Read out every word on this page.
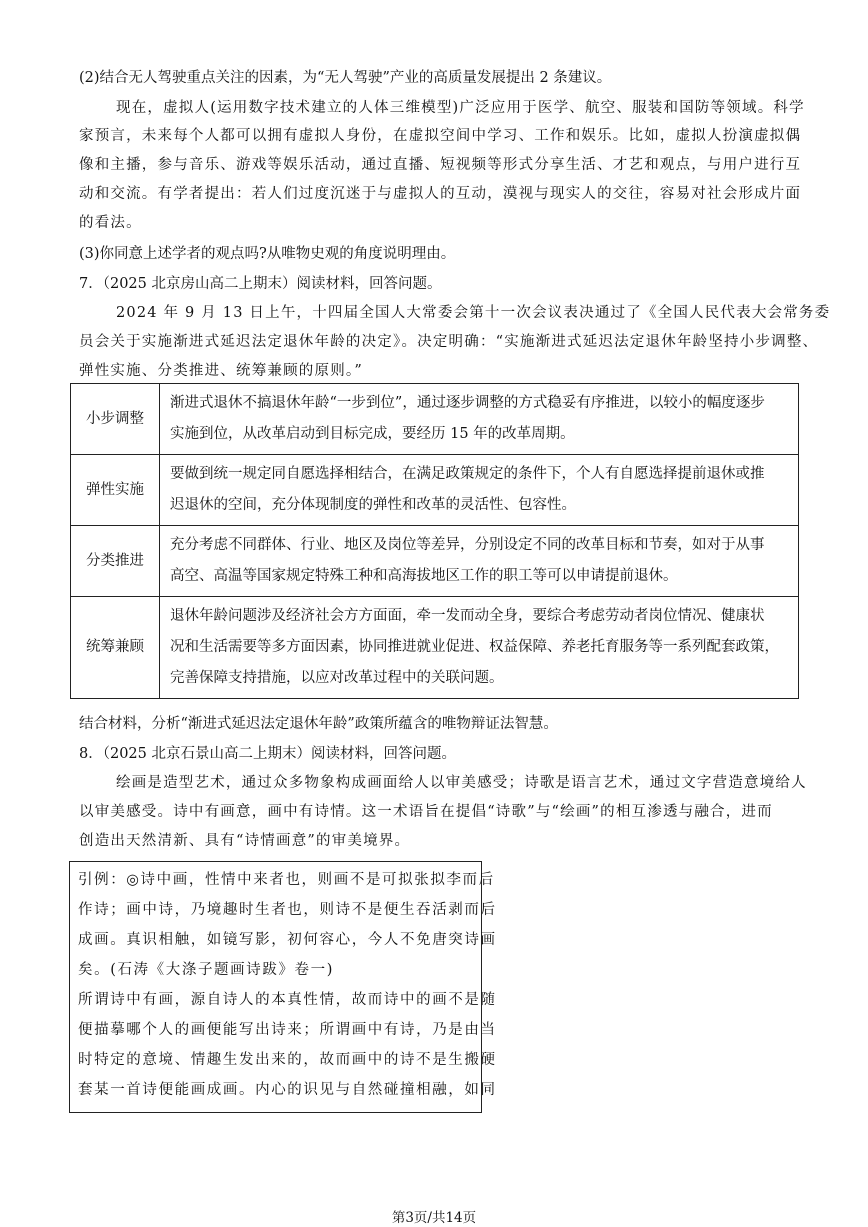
(2)结合无人驾驶重点关注的因素，为“无人驾驶”产业的高质量发展提出 2 条建议。
现在，虚拟人(运用数字技术建立的人体三维模型)广泛应用于医学、航空、服装和国防等领域。科学
家预言，未来每个人都可以拥有虚拟人身份，在虚拟空间中学习、工作和娱乐。比如，虚拟人扮演虚拟偶
像和主播，参与音乐、游戏等娱乐活动，通过直播、短视频等形式分享生活、才艺和观点，与用户进行互
动和交流。有学者提出：若人们过度沉迷于与虚拟人的互动，漠视与现实人的交往，容易对社会形成片面
的看法。
(3)你同意上述学者的观点吗?从唯物史观的角度说明理由。
7．（2025 北京房山高二上期末）阅读材料，回答问题。
2024 年 9 月 13 日上午，十四届全国人大常委会第十一次会议表决通过了《全国人民代表大会常务委
员会关于实施渐进式延迟法定退休年龄的决定》。决定明确：“实施渐进式延迟法定退休年龄坚持小步调整、
弹性实施、分类推进、统筹兼顾的原则。”
小步调整	渐进式退休不搞退休年龄“一步到位”，通过逐步调整的方式稳妥有序推进，以较小的幅度逐步
实施到位，从改革启动到目标完成，要经历 15 年的改革周期。

弹性实施	要做到统一规定同自愿选择相结合，在满足政策规定的条件下，个人有自愿选择提前退休或推
迟退休的空间，充分体现制度的弹性和改革的灵活性、包容性。

分类推进	充分考虑不同群体、行业、地区及岗位等差异，分别设定不同的改革目标和节奏，如对于从事
高空、高温等国家规定特殊工种和高海拔地区工作的职工等可以申请提前退休。

统筹兼顾	退休年龄问题涉及经济社会方方面面，牵一发而动全身，要综合考虑劳动者岗位情况、健康状
况和生活需要等多方面因素，协同推进就业促进、权益保障、养老托育服务等一系列配套政策，
完善保障支持措施，以应对改革过程中的关联问题。
结合材料，分析“渐进式延迟法定退休年龄”政策所蕴含的唯物辩证法智慧。
8．（2025 北京石景山高二上期末）阅读材料，回答问题。
绘画是造型艺术，通过众多物象构成画面给人以审美感受；诗歌是语言艺术，通过文字营造意境给人
以审美感受。诗中有画意，画中有诗情。这一术语旨在提倡“诗歌”与“绘画”的相互渗透与融合，进而
创造出天然清新、具有“诗情画意”的审美境界。
引例：◎诗中画，性情中来者也，则画不是可拟张拟李而后
作诗；画中诗，乃境趣时生者也，则诗不是便生吞活剥而后
成画。真识相触，如镜写影，初何容心，今人不免唐突诗画
矣。(石涛《大涤子题画诗跋》卷一)
所谓诗中有画，源自诗人的本真性情，故而诗中的画不是随
便描摹哪个人的画便能写出诗来；所谓画中有诗，乃是由当
时特定的意境、情趣生发出来的，故而画中的诗不是生搬硬
套某一首诗便能画成画。内心的识见与自然碰撞相融，如同
第3页/共14页
